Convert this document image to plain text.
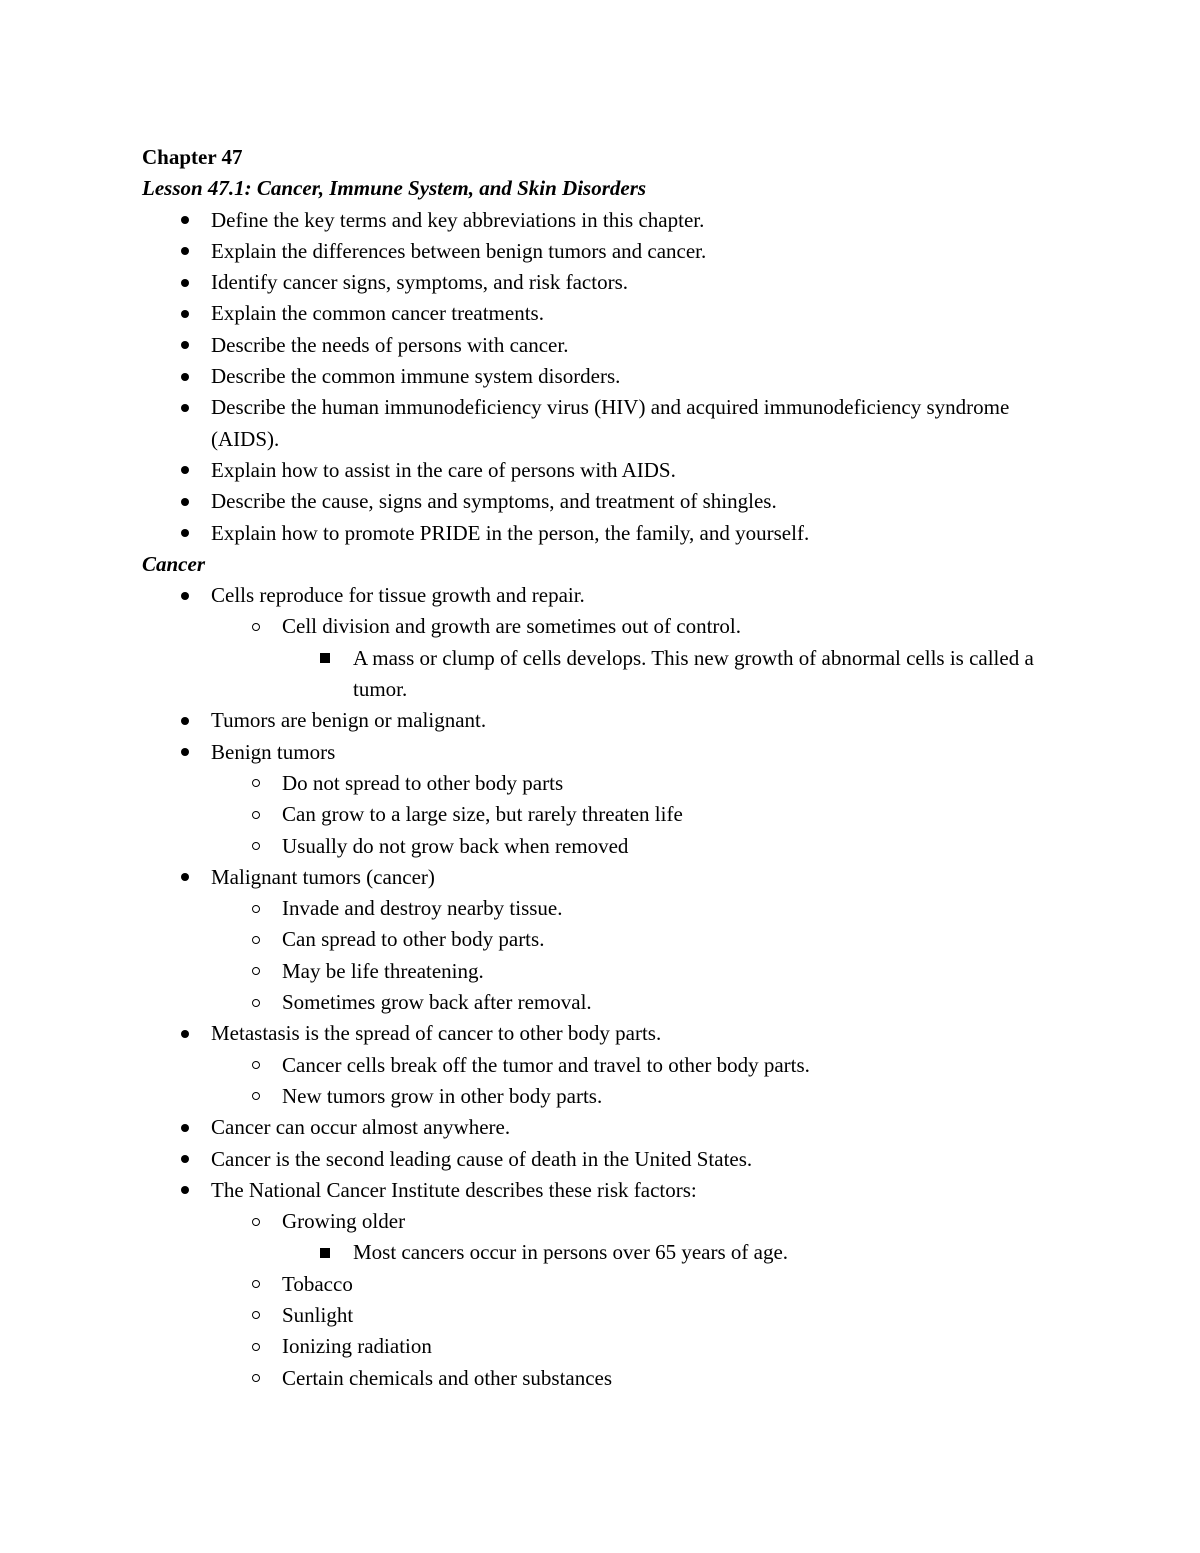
Chapter 47

Lesson 47.1: Cancer, Immune System, and Skin Disorders

Define the key terms and key abbreviations in this chapter.
Explain the differences between benign tumors and cancer.
Identify cancer signs, symptoms, and risk factors.
Explain the common cancer treatments.
Describe the needs of persons with cancer.
Describe the common immune system disorders.
Describe the human immunodeficiency virus (HIV) and acquired immunodeficiency syndrome (AIDS).
Explain how to assist in the care of persons with AIDS.
Describe the cause, signs and symptoms, and treatment of shingles.
Explain how to promote PRIDE in the person, the family, and yourself.

Cancer

Cells reproduce for tissue growth and repair.
Cell division and growth are sometimes out of control.
A mass or clump of cells develops. This new growth of abnormal cells is called a tumor.
Tumors are benign or malignant.
Benign tumors
Do not spread to other body parts
Can grow to a large size, but rarely threaten life
Usually do not grow back when removed
Malignant tumors (cancer)
Invade and destroy nearby tissue.
Can spread to other body parts.
May be life threatening.
Sometimes grow back after removal.
Metastasis is the spread of cancer to other body parts.
Cancer cells break off the tumor and travel to other body parts.
New tumors grow in other body parts.
Cancer can occur almost anywhere.
Cancer is the second leading cause of death in the United States.
The National Cancer Institute describes these risk factors:
Growing older
Most cancers occur in persons over 65 years of age.
Tobacco
Sunlight
Ionizing radiation
Certain chemicals and other substances
